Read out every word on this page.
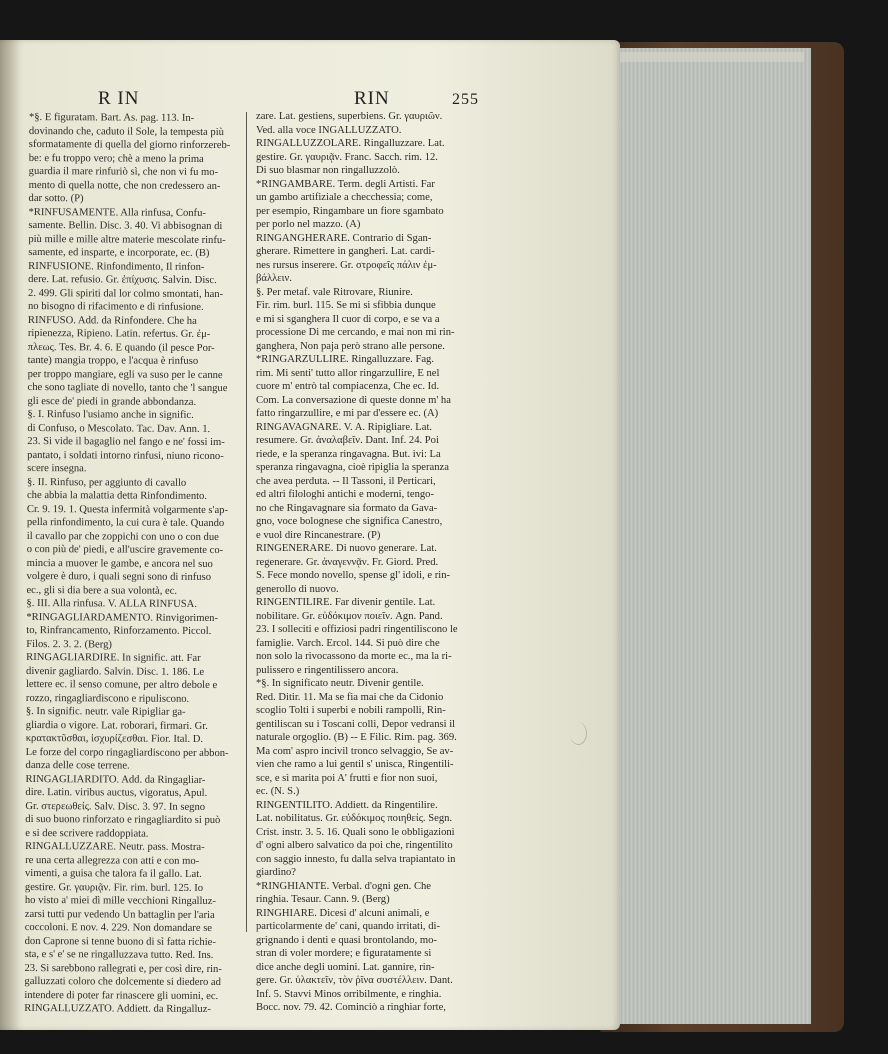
R IN	RIN	255

*§. E figuratam. Bart. As. pag. 113. In-

dovinando che, caduto il Sole, la tempesta più

sformatamente di quella del giorno rinforzereb-

be: e fu troppo vero; chè a meno la prima

guardia il mare rinfuriò sì, che non vi fu mo-

mento di quella notte, che non credessero an-

dar sotto. (P)

*RINFUSAMENTE. Alla rinfusa, Confu-

samente. Bellin. Disc. 3. 40. Vi abbisognan di

più mille e mille altre materie mescolate rinfu-

samente, ed insparte, e incorporate, ec. (B)

RINFUSIONE. Rinfondimento, Il rinfon-

dere. Lat. refusio. Gr. ἐπίχυσις. Salvin. Disc.

2. 499. Gli spiriti dal lor colmo smontati, han-

no bisogno di rifacimento e di rinfusione.

RINFUSO. Add. da Rinfondere. Che ha

ripienezza, Ripieno. Latin. refertus. Gr. ἐμ-

πλεως. Tes. Br. 4. 6. E quando (il pesce Por-

tante) mangia troppo, e l'acqua è rinfuso

per troppo mangiare, egli va suso per le canne

che sono tagliate di novello, tanto che 'l sangue

gli esce de' piedi in grande abbondanza.

§. I. Rinfuso l'usiamo anche in signific.

di Confuso, o Mescolato. Tac. Dav. Ann. 1.

23. Si vide il bagaglio nel fango e ne' fossi im-

pantato, i soldati intorno rinfusi, niuno ricono-

scere insegna.

§. II. Rinfuso, per aggiunto di cavallo

che abbia la malattia detta Rinfondimento.

Cr. 9. 19. 1. Questa infermità volgarmente s'ap-

pella rinfondimento, la cui cura è tale. Quando

il cavallo par che zoppichi con uno o con due

o con più de' piedi, e all'uscire gravemente co-

mincia a muover le gambe, e ancora nel suo

volgere è duro, i quali segni sono di rinfuso

ec., gli si dia bere a sua volontà, ec.

§. III. Alla rinfusa. V. ALLA RINFUSA.

*RINGAGLIARDAMENTO. Rinvigorimen-

to, Rinfrancamento, Rinforzamento. Piccol.

Filos. 2. 3. 2. (Berg)

RINGAGLIARDIRE. In signific. att. Far

divenir gagliardo. Salvin. Disc. 1. 186. Le

lettere ec. il senso comune, per altro debole e

rozzo, ringagliardiscono e ripuliscono.

§. In signific. neutr. vale Ripigliar ga-

gliardia o vigore. Lat. roborari, firmari. Gr.

κρατακτῦσθαι, ἰσχυρίζεσθαι. Fior. Ital. D.

Le forze del corpo ringagliardiscono per abbon-

danza delle cose terrene.

RINGAGLIARDITO. Add. da Ringagliar-

dire. Latin. viribus auctus, vigoratus, Apul.

Gr. στερεωθείς. Salv. Disc. 3. 97. In segno

di suo buono rinforzato e ringagliardito si può

e si dee scrivere raddoppiata.

RINGALLUZZARE. Neutr. pass. Mostra-

re una certa allegrezza con atti e con mo-

vimenti, a guisa che talora fa il gallo. Lat.

gestire. Gr. γαυριᾷν. Fir. rim. burl. 125. Io

ho visto a' miei dì mille vecchioni Ringalluz-

zarsi tutti pur vedendo Un battaglin per l'aria

coccoloni. E nov. 4. 229. Non domandare se

don Caprone si tenne buono di sì fatta richie-

sta, e s' e' se ne ringalluzzava tutto. Red. Ins.

23. Si sarebbono rallegrati e, per così dire, rin-

galluzzati coloro che dolcemente si diedero ad

intendere di poter far rinascere gli uomini, ec.

RINGALLUZZATO. Addiett. da Ringalluz-

zare. Lat. gestiens, superbiens. Gr. γαυριῶν.

Ved. alla voce INGALLUZZATO.

RINGALLUZZOLARE. Ringalluzzare. Lat.

gestire. Gr. γαυριᾷν. Franc. Sacch. rim. 12.

Di suo blasmar non ringalluzzolò.

*RINGAMBARE. Term. degli Artisti. Far

un gambo artifiziale a checchessia; come,

per esempio, Ringambare un fiore sgambato

per porlo nel mazzo. (A)

RINGANGHERARE. Contrario di Sgan-

gherare. Rimettere in gangheri. Lat. cardi-

nes rursus inserere. Gr. στροφεῖς πάλιν ἐμ-

βάλλειν.

§. Per metaf. vale Ritrovare, Riunire.

Fir. rim. burl. 115. Se mi si sfibbia dunque

e mi si sganghera Il cuor di corpo, e se va a

processione Di me cercando, e mai non mi rin-

ganghera, Non paja però strano alle persone.

*RINGARZULLIRE. Ringalluzzare. Fag.

rim. Mi senti' tutto allor ringarzullire, E nel

cuore m' entrò tal compiacenza, Che ec. Id.

Com. La conversazione di queste donne m' ha

fatto ringarzullire, e mi par d'essere ec. (A)

RINGAVAGNARE. V. A. Ripigliare. Lat.

resumere. Gr. ἀναλαβεῖν. Dant. Inf. 24. Poi

riede, e la speranza ringavagna. But. ivi: La

speranza ringavagna, cioè ripiglia la speranza

che avea perduta. -- Il Tassoni, il Perticari,

ed altri filologhi antichi e moderni, tengo-

no che Ringavagnare sia formato da Gava-

gno, voce bolognese che significa Canestro,

e vuol dire Rincanestrare. (P)

RINGENERARE. Di nuovo generare. Lat.

regenerare. Gr. ἀναγεννᾷν. Fr. Giord. Pred.

S. Fece mondo novello, spense gl' idoli, e rin-

generollo di nuovo.

RINGENTILIRE. Far divenir gentile. Lat.

nobilitare. Gr. εὐδόκιμον ποιεῖν. Agn. Pand.

23. I solleciti e offiziosi padri ringentiliscono le

famiglie. Varch. Ercol. 144. Si può dire che

non solo la rivocassono da morte ec., ma la ri-

pulissero e ringentilissero ancora.

*§. In significato neutr. Divenir gentile.

Red. Ditir. 11. Ma se fia mai che da Cidonio

scoglio Tolti i superbi e nobili rampolli, Rin-

gentiliscan su i Toscani colli, Depor vedransi il

naturale orgoglio. (B) -- E Filic. Rim. pag. 369.

Ma com' aspro incivil tronco selvaggio, Se av-

vien che ramo a lui gentil s' unisca, Ringentili-

sce, e sì marita poi A' frutti e fior non suoi,

ec. (N. S.)

RINGENTILITO. Addiett. da Ringentilire.

Lat. nobilitatus. Gr. εὐδόκιμος ποιηθείς. Segn.

Crist. instr. 3. 5. 16. Quali sono le obbligazioni

d' ogni albero salvatico da poi che, ringentilito

con saggio innesto, fu dalla selva trapiantato in

giardino?

*RINGHIANTE. Verbal. d'ogni gen. Che

ringhia. Tesaur. Cann. 9. (Berg)

RINGHIARE. Dicesi d' alcuni animali, e

particolarmente de' cani, quando irritati, di-

grignando i denti e quasi brontolando, mo-

stran di voler mordere; e figuratamente si

dice anche degli uomini. Lat. gannire, rin-

gere. Gr. ὑλακτεῖν, τὸν ῥῖνα συστέλλειν. Dant.

Inf. 5. Stavvi Minos orribilmente, e ringhia.

Bocc. nov. 79. 42. Cominciò a ringhiar forte,
